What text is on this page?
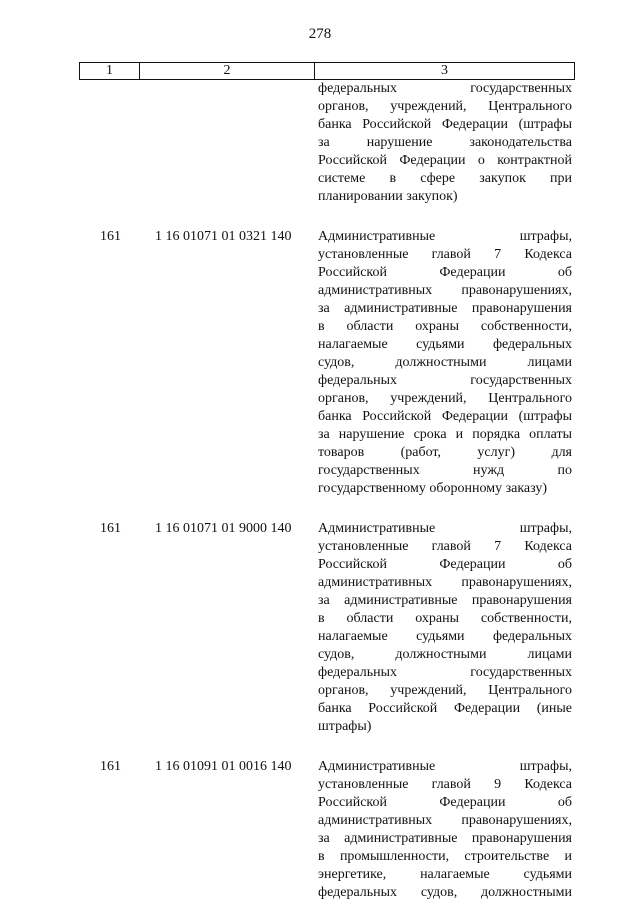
278
1	2	3
федеральных государственных
органов, учреждений, Центрального
банка Российской Федерации (штрафы
за нарушение законодательства
Российской Федерации о контрактной
системе в сфере закупок при
планировании закупок)
161 1 16 01071 01 0321 140 Административные штрафы,
установленные главой 7 Кодекса
Российской Федерации об
административных правонарушениях,
за административные правонарушения
в области охраны собственности,
налагаемые судьями федеральных
судов, должностными лицами
федеральных государственных
органов, учреждений, Центрального
банка Российской Федерации (штрафы
за нарушение срока и порядка оплаты
товаров (работ, услуг) для
государственных нужд по
государственному оборонному заказу)
161 1 16 01071 01 9000 140 Административные штрафы,
установленные главой 7 Кодекса
Российской Федерации об
административных правонарушениях,
за административные правонарушения
в области охраны собственности,
налагаемые судьями федеральных
судов, должностными лицами
федеральных государственных
органов, учреждений, Центрального
банка Российской Федерации (иные
штрафы)
161 1 16 01091 01 0016 140 Административные штрафы,
установленные главой 9 Кодекса
Российской Федерации об
административных правонарушениях,
за административные правонарушения
в промышленности, строительстве и
энергетике, налагаемые судьями
федеральных судов, должностными
